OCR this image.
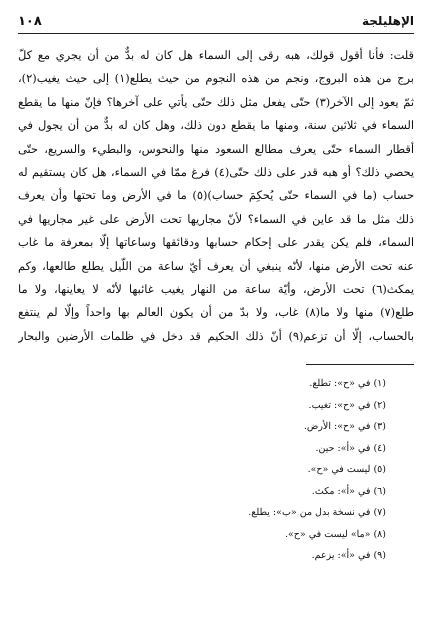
١٠٨	الإهليلجة
قلت: فأنا أقول قولك، هبه رقى إلى السماء هل كان له بدٌّ من أن يجري مع كلّ
برج من هذه البروج، ونجم من هذه النجوم من حيث يطلع(١) إلى حيث يغيب(٢)،
ثمّ يعود إلى الآخر(٣) حتّى يفعل مثل ذلك حتّى يأتي على آخرها؟ فإنّ منها ما يقطع
السماء في ثلاثين سنة، ومنها ما يقطع دون ذلك، وهل كان له بدٌّ من أن يجول في
أقطار السماء حتّى يعرف مطالع السعود منها والنحوس، والبطيء والسريع، حتّى
يحصي ذلك؟ أو هبه قدر على ذلك حتّى(٤) فرغ ممّا في السماء، هل كان يستقيم له
حساب (ما في السماء حتّى يُحكِمَ حساب)(٥) ما في الأرض وما تحتها وأن يعرف
ذلك مثل ما قد عاين في السماء؟ لأنّ مجاريها تحت الأرض على غير مجاريها في
السماء، فلم يكن يقدر على إحكام حسابها ودقائقها وساعاتها إلّا بمعرفة ما غاب
عنه تحت الأرض منها، لأنّه ينبغي أن يعرف أيّ ساعة من اللّيل يطلع طالعها، وكم
يمكث(٦) تحت الأرض، وأيّة ساعة من النهار يغيب غائبها لأنّه لا يعاينها، ولا ما
طلع(٧) منها ولا ما(٨) غاب، ولا بدّ من أن يكون العالم بها واحداً وإلّا لم ينتفع
بالحساب، إلّا أن تزعم(٩) أنّ ذلك الحكيم قد دخل في ظلمات الأرضين والبحار
(١) في «ح»: تطلع.
(٢) في «ح»: تغيب.
(٣) في «ح»: الأرض.
(٤) في «أ»: حين.
(٥) ليست في «ح».
(٦) في «أ»: مكث.
(٧) في نسخة بدل من «ب»: يطلع.
(٨) «ما» ليست في «ح».
(٩) في «أ»: يزعم.
